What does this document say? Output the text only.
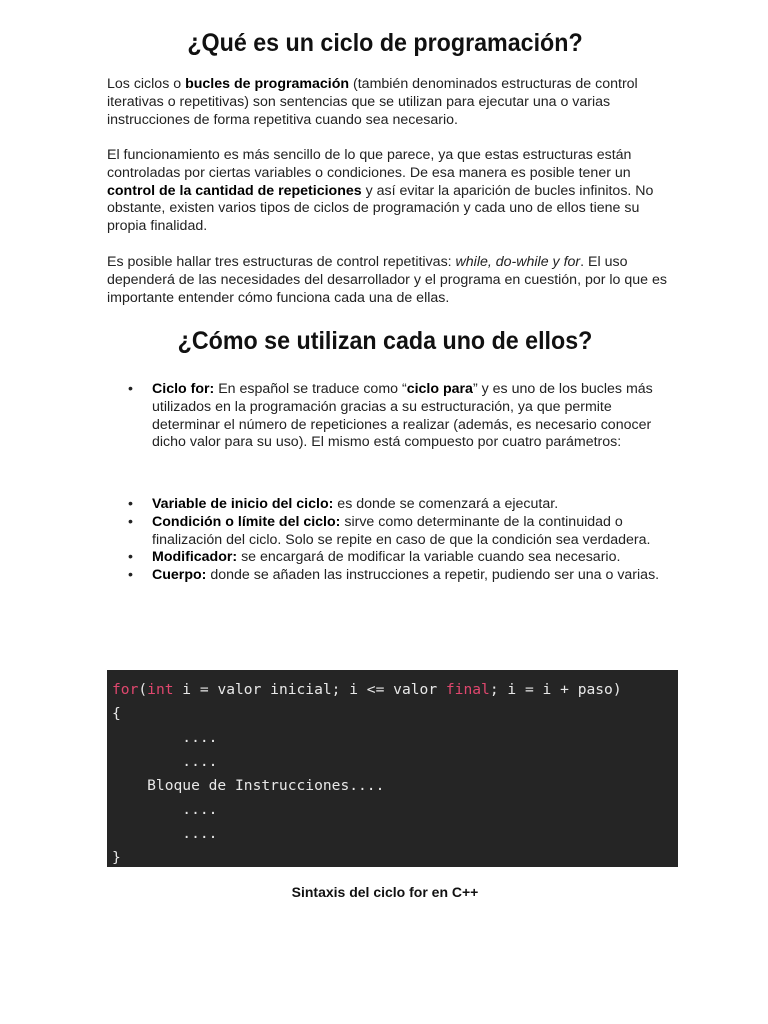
¿Qué es un ciclo de programación?

Los ciclos o bucles de programación (también denominados estructuras de control iterativas o repetitivas) son sentencias que se utilizan para ejecutar una o varias instrucciones de forma repetitiva cuando sea necesario.

El funcionamiento es más sencillo de lo que parece, ya que estas estructuras están controladas por ciertas variables o condiciones. De esa manera es posible tener un control de la cantidad de repeticiones y así evitar la aparición de bucles infinitos. No obstante, existen varios tipos de ciclos de programación y cada uno de ellos tiene su propia finalidad.

Es posible hallar tres estructuras de control repetitivas: while, do-while y for. El uso dependerá de las necesidades del desarrollador y el programa en cuestión, por lo que es importante entender cómo funciona cada una de ellas.

¿Cómo se utilizan cada uno de ellos?
• Ciclo for: En español se traduce como “ciclo para” y es uno de los bucles más utilizados en la programación gracias a su estructuración, ya que permite determinar el número de repeticiones a realizar (además, es necesario conocer dicho valor para su uso). El mismo está compuesto por cuatro parámetros:
• Variable de inicio del ciclo: es donde se comenzará a ejecutar.
• Condición o límite del ciclo: sirve como determinante de la continuidad o finalización del ciclo. Solo se repite en caso de que la condición sea verdadera.
• Modificador: se encargará de modificar la variable cuando sea necesario.
• Cuerpo: donde se añaden las instrucciones a repetir, pudiendo ser una o varias.
for(int i = valor inicial; i <= valor final; i = i + paso)
{
....
....
Bloque de Instrucciones....
....
....
}
Sintaxis del ciclo for en C++
